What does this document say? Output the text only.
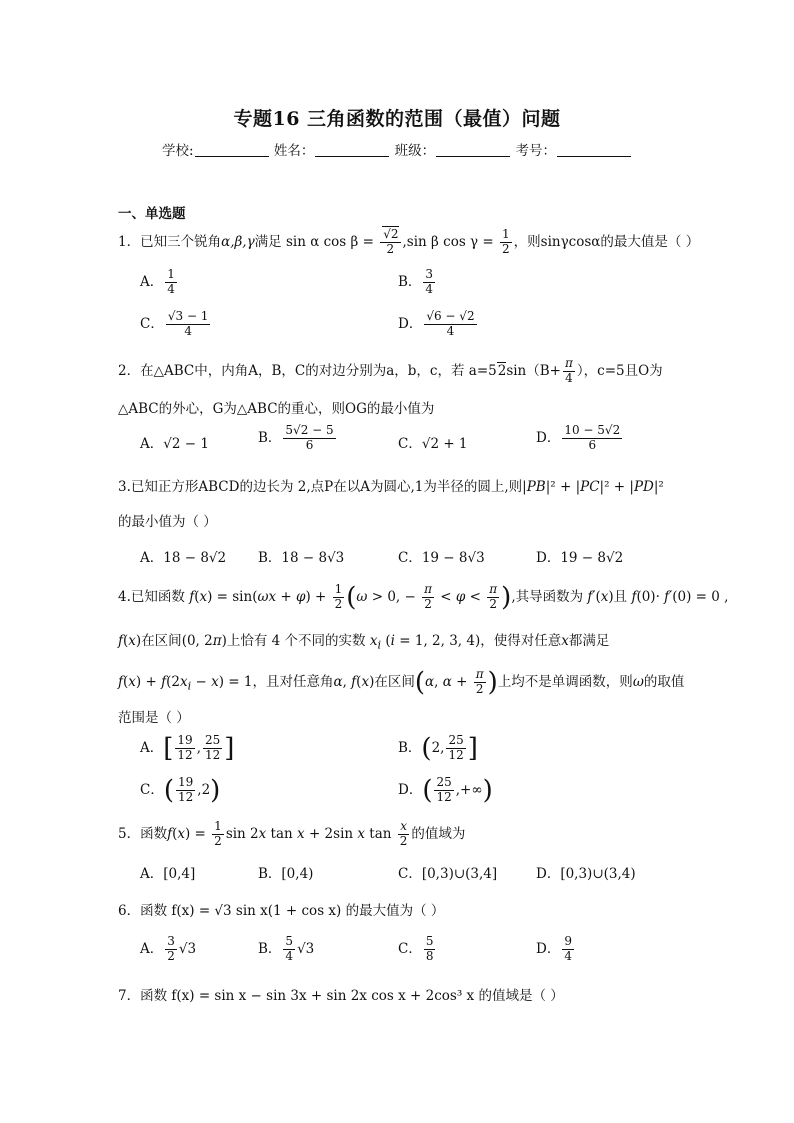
专题16 三角函数的范围（最值）问题
学校:	姓名：	班级：	考号：
一、单选题
1．已知三个锐角α,β,γ满足 sin α $\cos \beta = \frac{√2}{2} ,\sin$ β $\cos \gamma = \frac{1}{2}$ ，则sinγcosα的最大值是（ ）
A． $\frac{1}{4}$	B． $\frac{3}{4}$
C． $\frac{√3 - 1}{4}$	D． $\frac{√6 - √2}{4}$
2．在△ABC中，内角A，B，C的对边分别为a，b，c，若 $a=52\sin(B+ \frac{\pi}{4}$ ），c=5且O为
△ABC的外心，G为△ABC的重心，则OG的最小值为
A．√2 − 1	B． $\frac{5√2 - 5}{6}$	C．√2 + 1	D． $\frac{10 - 5√2}{6}$
3.已知正方形ABCD的边长为 2,点P在以A为圆心,1为半径的圆上,则|PB|² + |PC|² + |PD|²
的最小值为（ ）
A．18 − 8√2 B．18 − 8√3	C．19 − 8√3	D．19 − 8√2
4.已知函数 $f(x) = \sin(\omega x + \varphi) + \frac{1}{2} (\omega > 0$, − $\frac{\pi}{2} < \varphi < \frac{\pi}{2}$ ),其导函数为 f′(x)且 f(0)· f′(0) = 0 ,
f(x)在区间(0, 2π)上恰有 4 个不同的实数 $x_i$ (i = 1, 2, 3, 4)，使得对任意x都满足
$f(x) + f(2x_i - x) = 1$，且对任意角α, f(x)在区间(α, $\alpha + \frac{\pi}{2}$ )上均不是单调函数，则ω的取值
范围是（ ）
A．[ $\frac{19}{12}$ , $\frac{25}{12}$ ]	B．(2, $\frac{25}{12}$ ]
C．( $\frac{19}{12} ,2$)	D．( $\frac{25}{12}$ ,+∞)
5．函数$f(x) = \frac{1}{2}$ sin 2x tan x + 2sin x $\tan \frac{x}{2}$ 的值域为
A．[0,4]	B．[0,4)	C．[0,3)∪(3,4]	D．[0,3)∪(3,4)
6．函数 f(x) = √3 sin x(1 + cos x) 的最大值为（ ）
A． $\frac{3}{2} √3$	B． $\frac{5}{4} √3$	C． $\frac{5}{8}$	D． $\frac{9}{4}$
7．函数 f(x) = sin x − sin 3x + sin 2x cos x + 2cos³ x 的值域是（ ）
